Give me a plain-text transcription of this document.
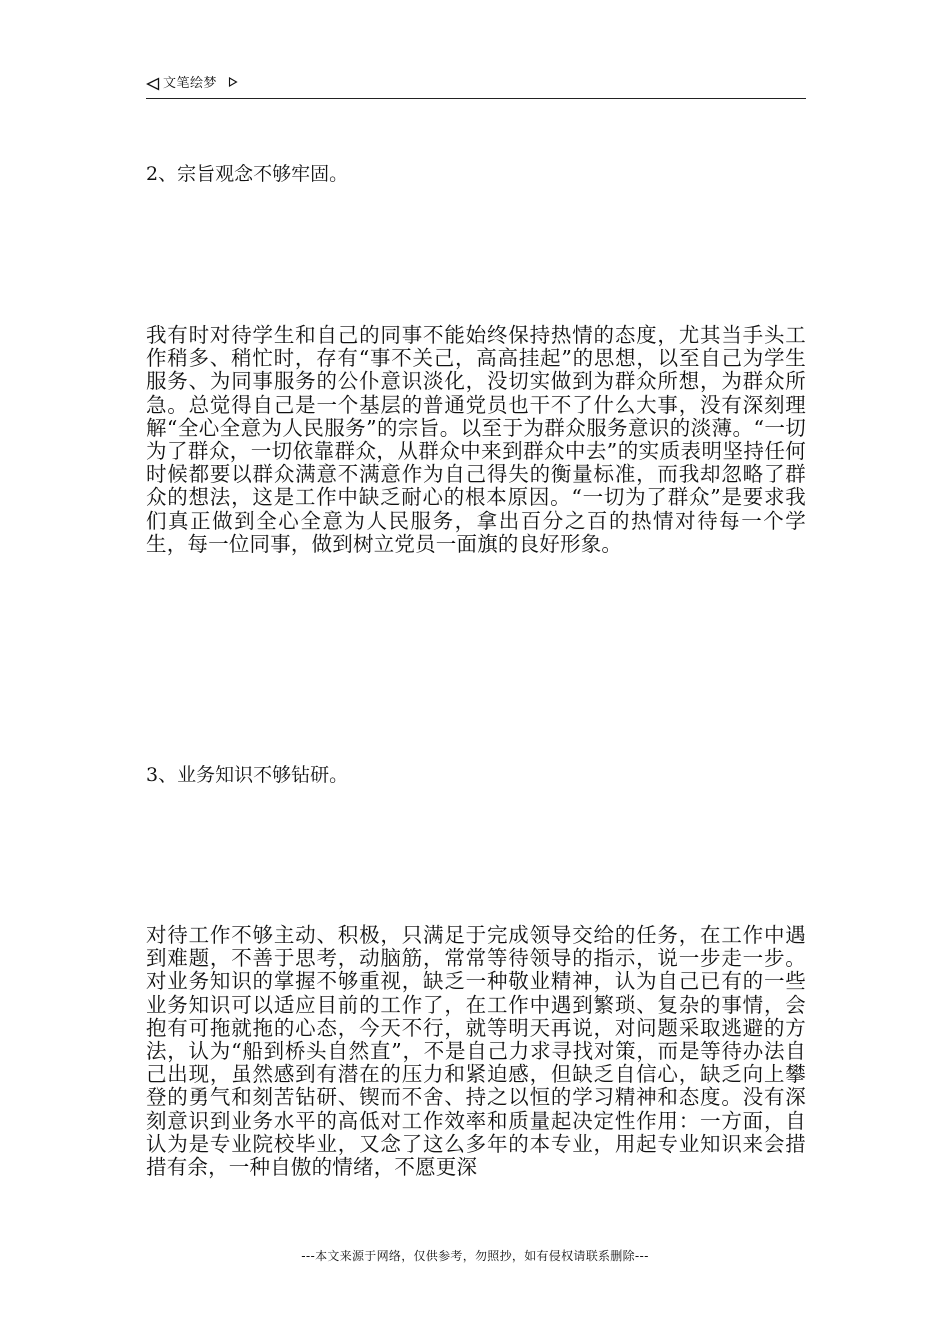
文笔绘梦
2、宗旨观念不够牢固。

我有时对待学生和自己的同事不能始终保持热情的态度，尤其当手头工作稍多、稍忙时，存有“事不关己，高高挂起”的思想，以至自己为学生服务、为同事服务的公仆意识淡化，没切实做到为群众所想，为群众所急。总觉得自己是一个基层的普通党员也干不了什么大事，没有深刻理解“全心全意为人民服务”的宗旨。以至于为群众服务意识的淡薄。“一切为了群众，一切依靠群众，从群众中来到群众中去”的实质表明坚持任何时候都要以群众满意不满意作为自己得失的衡量标准，而我却忽略了群众的想法，这是工作中缺乏耐心的根本原因。“一切为了群众”是要求我们真正做到全心全意为人民服务，拿出百分之百的热情对待每一个学生，每一位同事，做到树立党员一面旗的良好形象。

3、业务知识不够钻研。

对待工作不够主动、积极，只满足于完成领导交给的任务，在工作中遇到难题，不善于思考，动脑筋，常常等待领导的指示，说一步走一步。对业务知识的掌握不够重视，缺乏一种敬业精神，认为自己已有的一些业务知识可以适应目前的工作了，在工作中遇到繁琐、复杂的事情，会抱有可拖就拖的心态，今天不行，就等明天再说，对问题采取逃避的方法，认为“船到桥头自然直”，不是自己力求寻找对策，而是等待办法自己出现，虽然感到有潜在的压力和紧迫感，但缺乏自信心，缺乏向上攀登的勇气和刻苦钻研、锲而不舍、持之以恒的学习精神和态度。没有深刻意识到业务水平的高低对工作效率和质量起决定性作用：一方面，自认为是专业院校毕业，又念了这么多年的本专业，用起专业知识来会措措有余，一种自傲的情绪，不愿更深

---本文来源于网络，仅供参考，勿照抄，如有侵权请联系删除---
